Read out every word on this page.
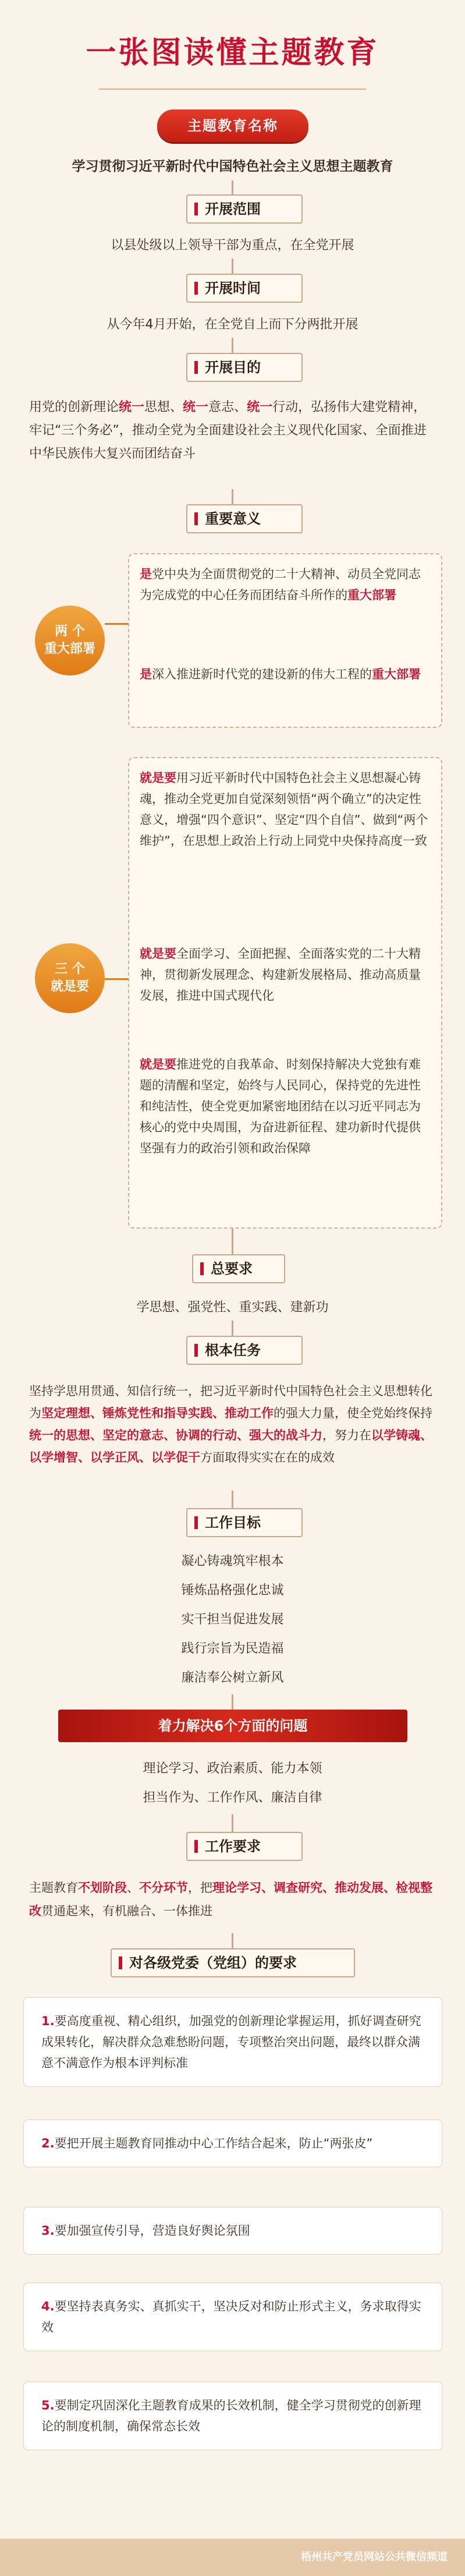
一张图读懂主题教育
主题教育名称
学习贯彻习近平新时代中国特色社会主义思想主题教育
开展范围
以县处级以上领导干部为重点，在全党开展
开展时间
从今年4月开始，在全党自上而下分两批开展
开展目的
用党的创新理论统一思想、统一意志、统一行动，弘扬伟大建党精神，牢记“三个务必”，推动全党为全面建设社会主义现代化国家、全面推进中华民族伟大复兴而团结奋斗
重要意义
两 个
重大部署
是党中央为全面贯彻党的二十大精神、动员全党同志为完成党的中心任务而团结奋斗所作的重大部署
是深入推进新时代党的建设新的伟大工程的重大部署
三 个
就是要
就是要用习近平新时代中国特色社会主义思想凝心铸魂，推动全党更加自觉深刻领悟“两个确立”的决定性意义，增强“四个意识”、坚定“四个自信”、做到“两个维护”，在思想上政治上行动上同党中央保持高度一致
就是要全面学习、全面把握、全面落实党的二十大精神，贯彻新发展理念、构建新发展格局、推动高质量发展，推进中国式现代化
就是要推进党的自我革命、时刻保持解决大党独有难题的清醒和坚定，始终与人民同心，保持党的先进性和纯洁性，使全党更加紧密地团结在以习近平同志为核心的党中央周围，为奋进新征程、建功新时代提供坚强有力的政治引领和政治保障
总要求
学思想、强党性、重实践、建新功
根本任务
坚持学思用贯通、知信行统一，把习近平新时代中国特色社会主义思想转化为坚定理想、锤炼党性和指导实践、推动工作的强大力量，使全党始终保持统一的思想、坚定的意志、协调的行动、强大的战斗力，努力在以学铸魂、以学增智、以学正风、以学促干方面取得实实在在的成效
工作目标
凝心铸魂筑牢根本
锤炼品格强化忠诚
实干担当促进发展
践行宗旨为民造福
廉洁奉公树立新风
着力解决6个方面的问题
理论学习、政治素质、能力本领
担当作为、工作作风、廉洁自律
工作要求
主题教育不划阶段、不分环节，把理论学习、调查研究、推动发展、检视整改贯通起来，有机融合、一体推进
对各级党委（党组）的要求
1.要高度重视、精心组织，加强党的创新理论掌握运用，抓好调查研究成果转化，解决群众急难愁盼问题，专项整治突出问题，最终以群众满意不满意作为根本评判标准
2.要把开展主题教育同推动中心工作结合起来，防止“两张皮”
3.要加强宣传引导，营造良好舆论氛围
4.要坚持表真务实、真抓实干，坚决反对和防止形式主义，务求取得实效
5.要制定巩固深化主题教育成果的长效机制，健全学习贯彻党的创新理论的制度机制，确保常态长效
梧州共产党员网站公共微信频道
